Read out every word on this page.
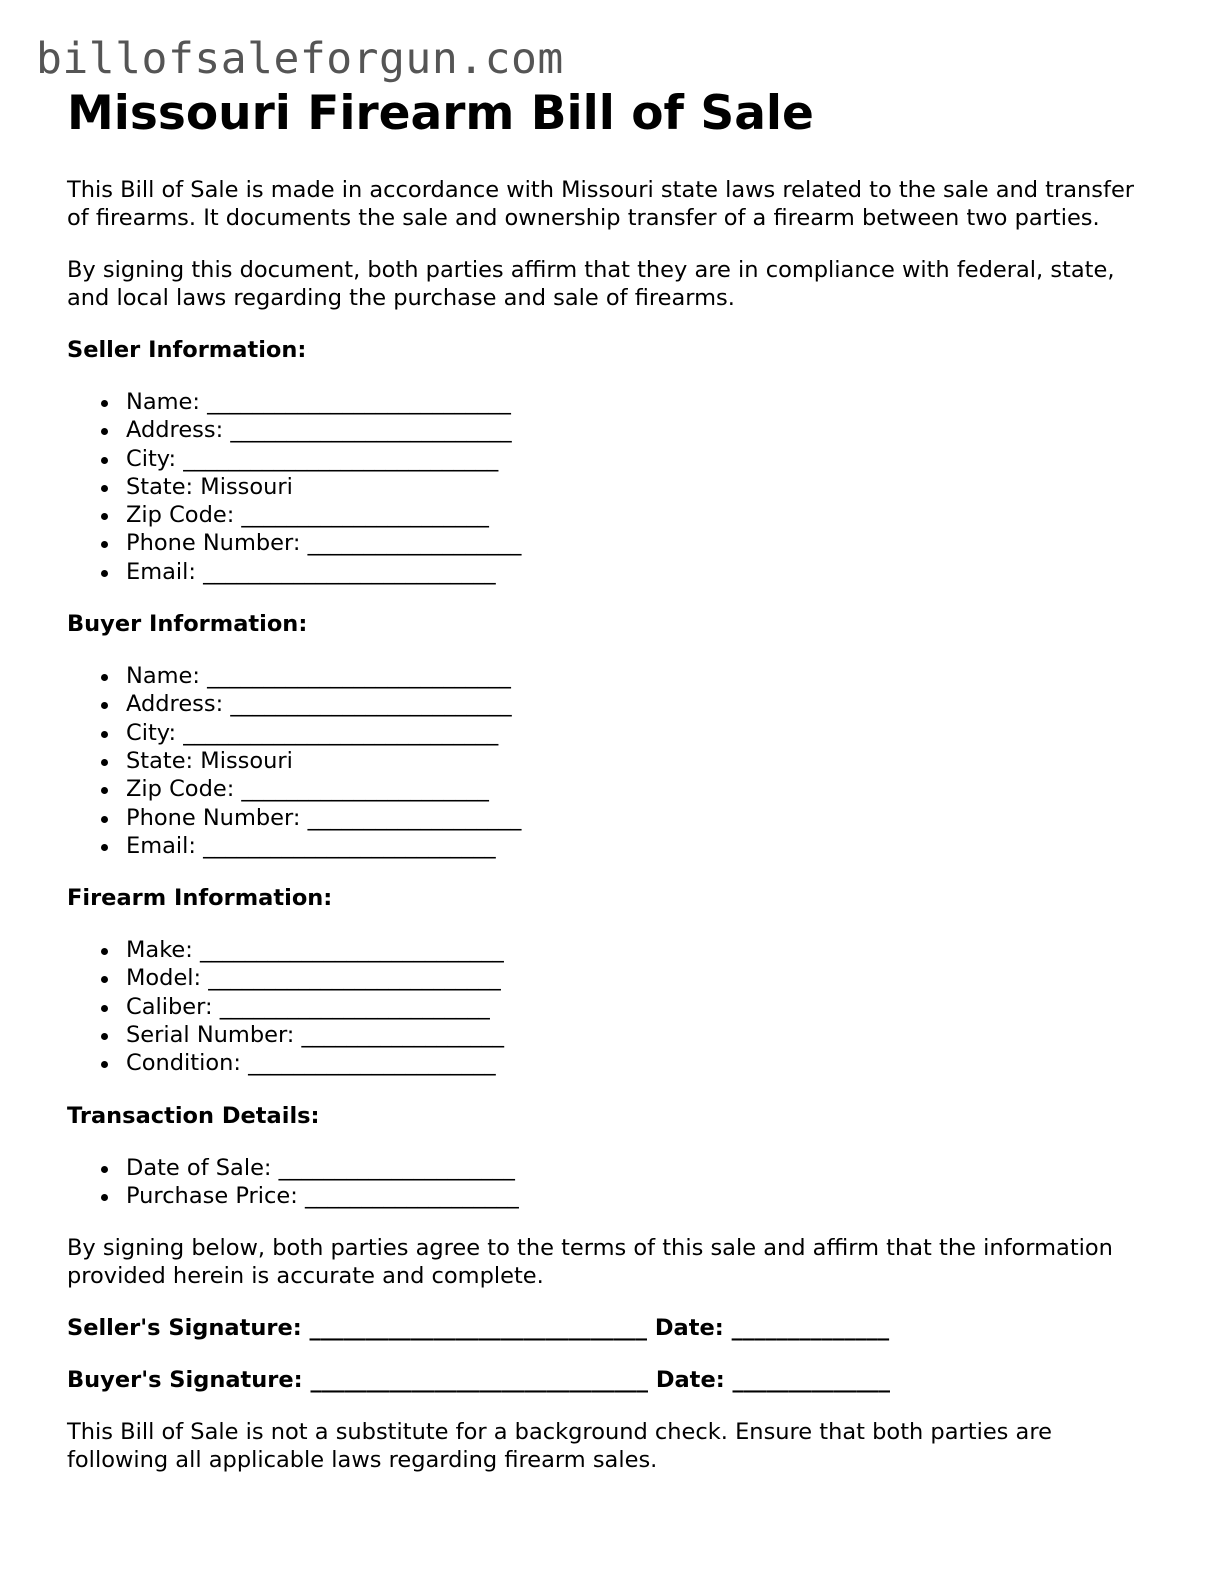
billofsaleforgun.com
Missouri Firearm Bill of Sale

This Bill of Sale is made in accordance with Missouri state laws related to the sale and transfer of firearms. It documents the sale and ownership transfer of a firearm between two parties.

By signing this document, both parties affirm that they are in compliance with federal, state, and local laws regarding the purchase and sale of firearms.

Seller Information:
Name: ___________________________
Address: _________________________
City: ____________________________
State: Missouri
Zip Code: ______________________
Phone Number: ___________________
Email: __________________________
Buyer Information:
Name: ___________________________
Address: _________________________
City: ____________________________
State: Missouri
Zip Code: ______________________
Phone Number: ___________________
Email: __________________________
Firearm Information:
Make: ___________________________
Model: __________________________
Caliber: ________________________
Serial Number: __________________
Condition: ______________________
Transaction Details:
Date of Sale: _____________________
Purchase Price: ___________________

By signing below, both parties agree to the terms of this sale and affirm that the information provided herein is accurate and complete.

Seller's Signature: ______________________________ Date: ______________
Buyer's Signature: ______________________________ Date: ______________

This Bill of Sale is not a substitute for a background check. Ensure that both parties are following all applicable laws regarding firearm sales.
